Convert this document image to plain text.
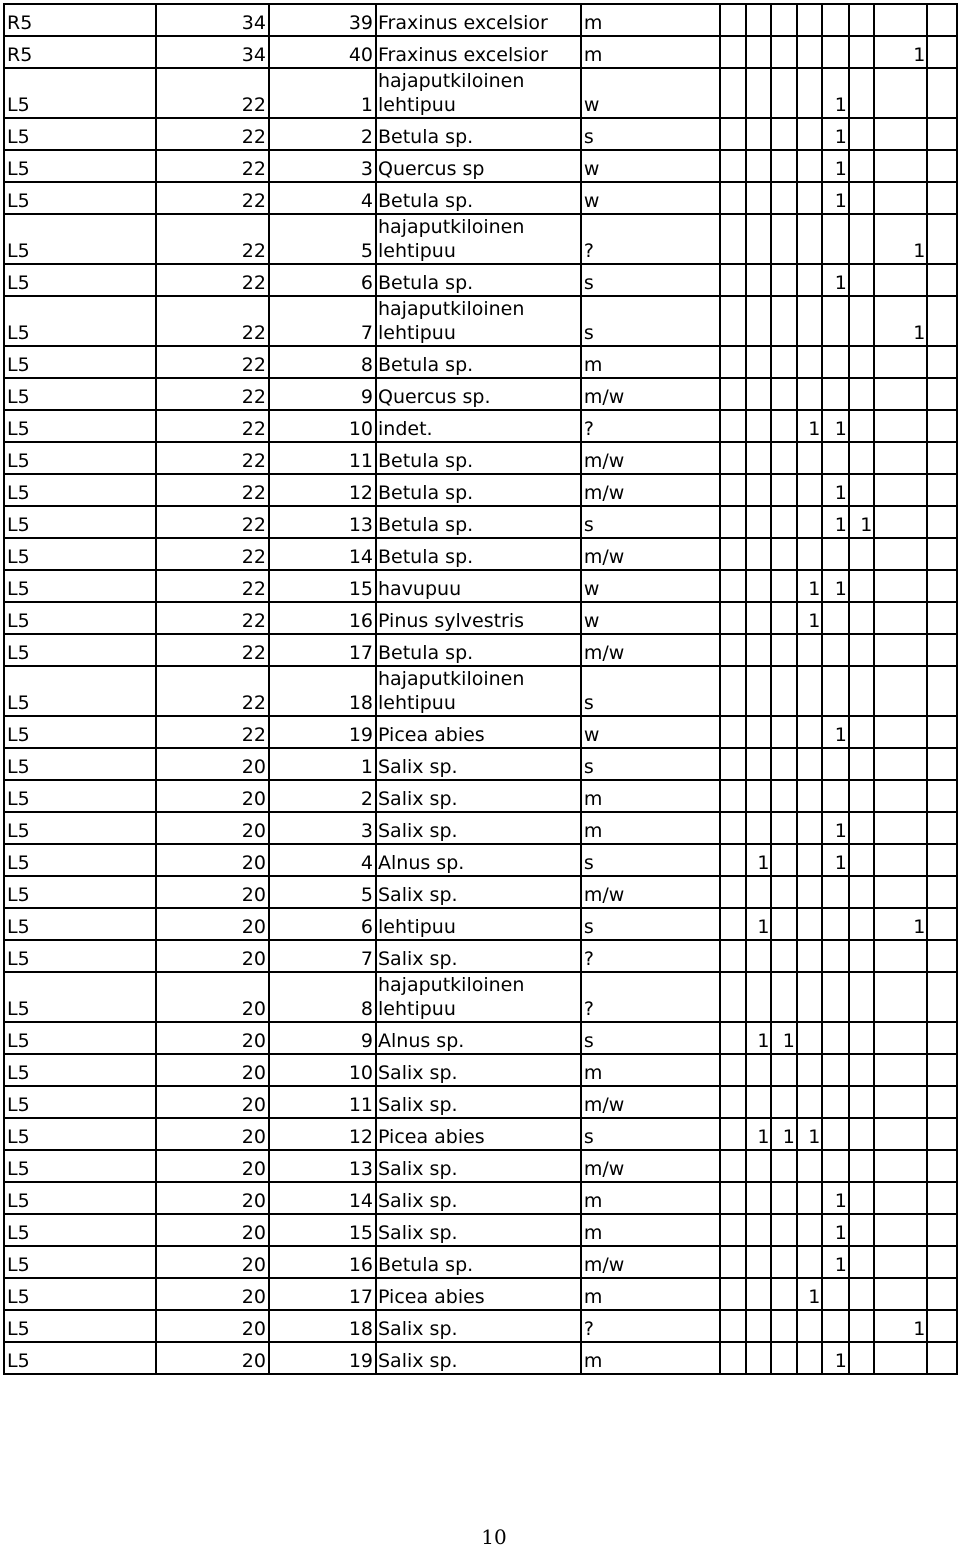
R5	34	39	Fraxinus excelsior	m								
R5	34	40	Fraxinus excelsior	m							1	
L5	22	1	hajaputkiloinen lehtipuu	w					1			
L5	22	2	Betula sp.	s					1			
L5	22	3	Quercus sp	w					1			
L5	22	4	Betula sp.	w					1			
L5	22	5	hajaputkiloinen lehtipuu	?							1	
L5	22	6	Betula sp.	s					1			
L5	22	7	hajaputkiloinen lehtipuu	s							1	
L5	22	8	Betula sp.	m								
L5	22	9	Quercus sp.	m/w								
L5	22	10	indet.	?				1	1			
L5	22	11	Betula sp.	m/w								
L5	22	12	Betula sp.	m/w					1			
L5	22	13	Betula sp.	s					1	1		
L5	22	14	Betula sp.	m/w								
L5	22	15	havupuu	w				1	1			
L5	22	16	Pinus sylvestris	w				1				
L5	22	17	Betula sp.	m/w								
L5	22	18	hajaputkiloinen lehtipuu	s								
L5	22	19	Picea abies	w					1			
L5	20	1	Salix sp.	s								
L5	20	2	Salix sp.	m								
L5	20	3	Salix sp.	m					1			
L5	20	4	Alnus sp.	s		1			1			
L5	20	5	Salix sp.	m/w								
L5	20	6	lehtipuu	s		1					1	
L5	20	7	Salix sp.	?								
L5	20	8	hajaputkiloinen lehtipuu	?								
L5	20	9	Alnus sp.	s		1	1					
L5	20	10	Salix sp.	m								
L5	20	11	Salix sp.	m/w								
L5	20	12	Picea abies	s		1	1	1				
L5	20	13	Salix sp.	m/w								
L5	20	14	Salix sp.	m					1			
L5	20	15	Salix sp.	m					1			
L5	20	16	Betula sp.	m/w					1			
L5	20	17	Picea abies	m				1				
L5	20	18	Salix sp.	?							1	
L5	20	19	Salix sp.	m					1			
10
